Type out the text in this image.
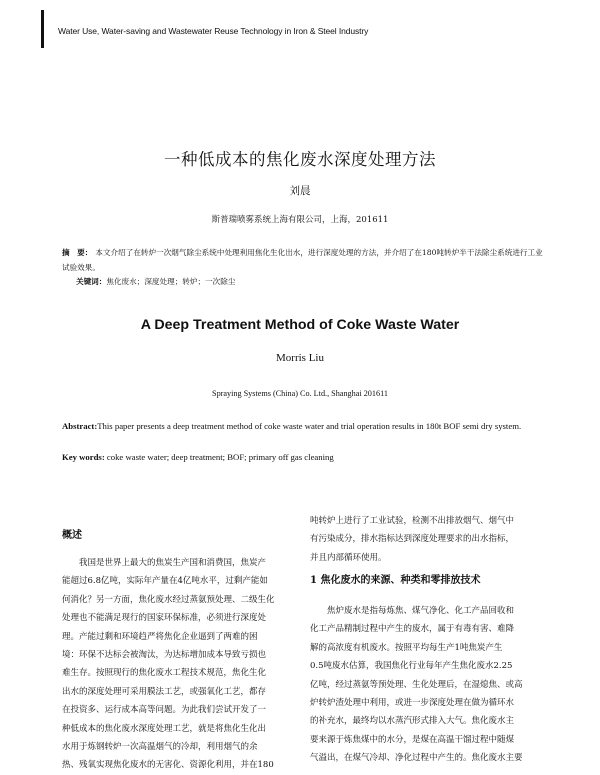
Water Use, Water-saving and Wastewater Reuse Technology in Iron & Steel Industry
一种低成本的焦化废水深度处理方法
刘晨
斯普瑞喷雾系统上海有限公司，上海，201611
摘　要： 本文介绍了在转炉一次烟气除尘系统中处理利用焦化生化出水，进行深度处理的方法，并介绍了在180吨转炉半干法除尘系统进行工业试验效果。
关键词：焦化废水；深度处理；转炉；一次除尘
A Deep Treatment Method of Coke Waste Water
Morris Liu
Spraying Systems (China) Co. Ltd., Shanghai 201611
Abstract:This paper presents a deep treatment method of coke waste water and trial operation results in 180t BOF semi dry system.
Key words: coke waste water; deep treatment; BOF; primary off gas cleaning
概述

　　我国是世界上最大的焦炭生产国和消费国，焦炭产

能超过6.8亿吨，实际年产量在4亿吨水平，过剩产能如

何消化？另一方面，焦化废水经过蒸氨预处理、二级生化

处理也不能满足现行的国家环保标准，必须进行深度处

理。产能过剩和环境趋严将焦化企业逼到了两难的困

境：环保不达标会被淘汰，为达标增加成本导致亏损也

难生存。按照现行的焦化废水工程技术规范，焦化生化

出水的深度处理可采用膜法工艺，或强氧化工艺，都存

在投资多、运行成本高等问题。为此我们尝试开发了一

种低成本的焦化废水深度处理工艺，就是将焦化生化出

水用于炼钢转炉一次高温烟气的冷却，利用烟气的余

热、残氧实现焦化废水的无害化、资源化利用，并在180

吨转炉上进行了工业试验，检测不出排放烟气、烟气中

有污染成分，排水指标达到深度处理要求的出水指标，

并且内部循环使用。

1 焦化废水的来源、种类和零排放技术

　　焦炉废水是指每炼焦、煤气净化、化工产品回收和

化工产品精制过程中产生的废水，属于有毒有害、难降

解的高浓度有机废水。按照平均每生产1吨焦炭产生

0.5吨废水估算，我国焦化行业每年产生焦化废水2.25

亿吨，经过蒸氨等预处理、生化处理后，在湿熄焦、或高

炉转炉渣处理中利用，或进一步深度处理在做为循环水

的补充水，最终均以水蒸汽形式排入大气。焦化废水主

要来源于炼焦煤中的水分，是煤在高温干馏过程中随煤

气溢出，在煤气冷却、净化过程中产生的。焦化废水主要
